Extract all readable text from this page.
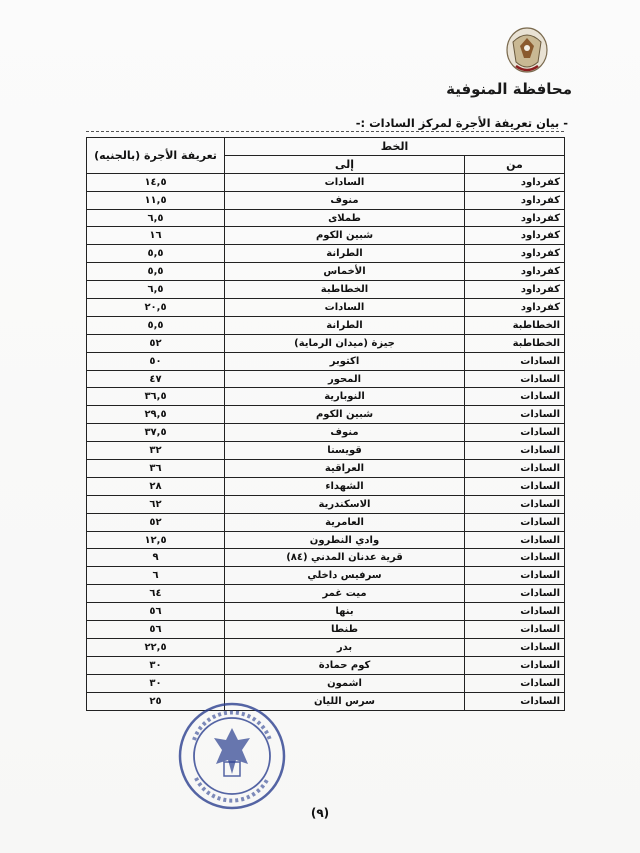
محافظة المنوفية
- بيان تعريفة الأجرة لمركز السادات :-
الخط		تعريفة الأجرة (بالجنيه)
من	إلى	
كفرداود	السادات	١٤,٥
كفرداود	منوف	١١,٥
كفرداود	طملاى	٦,٥
كفرداود	شبين الكوم	١٦
كفرداود	الطرانة	٥,٥
كفرداود	الأخماس	٥,٥
كفرداود	الخطاطبة	٦,٥
كفرداود	السادات	٢٠,٥
الخطاطبة	الطرانة	٥,٥
الخطاطبة	جيزة (ميدان الرماية)	٥٢
السادات	اكتوبر	٥٠
السادات	المحور	٤٧
السادات	النوبارية	٣٦,٥
السادات	شبين الكوم	٢٩,٥
السادات	منوف	٣٧,٥
السادات	قويسنا	٣٢
السادات	العراقية	٣٦
السادات	الشهداء	٢٨
السادات	الاسكندرية	٦٢
السادات	العامرية	٥٢
السادات	وادي النطرون	١٢,٥
السادات	قرية عدنان المدني (٨٤)	٩
السادات	سرفيس داخلي	٦
السادات	ميت غمر	٦٤
السادات	بنها	٥٦
السادات	طنطا	٥٦
السادات	بدر	٢٢,٥
السادات	كوم حمادة	٣٠
السادات	اشمون	٣٠
السادات	سرس الليان	٢٥
(٩)
